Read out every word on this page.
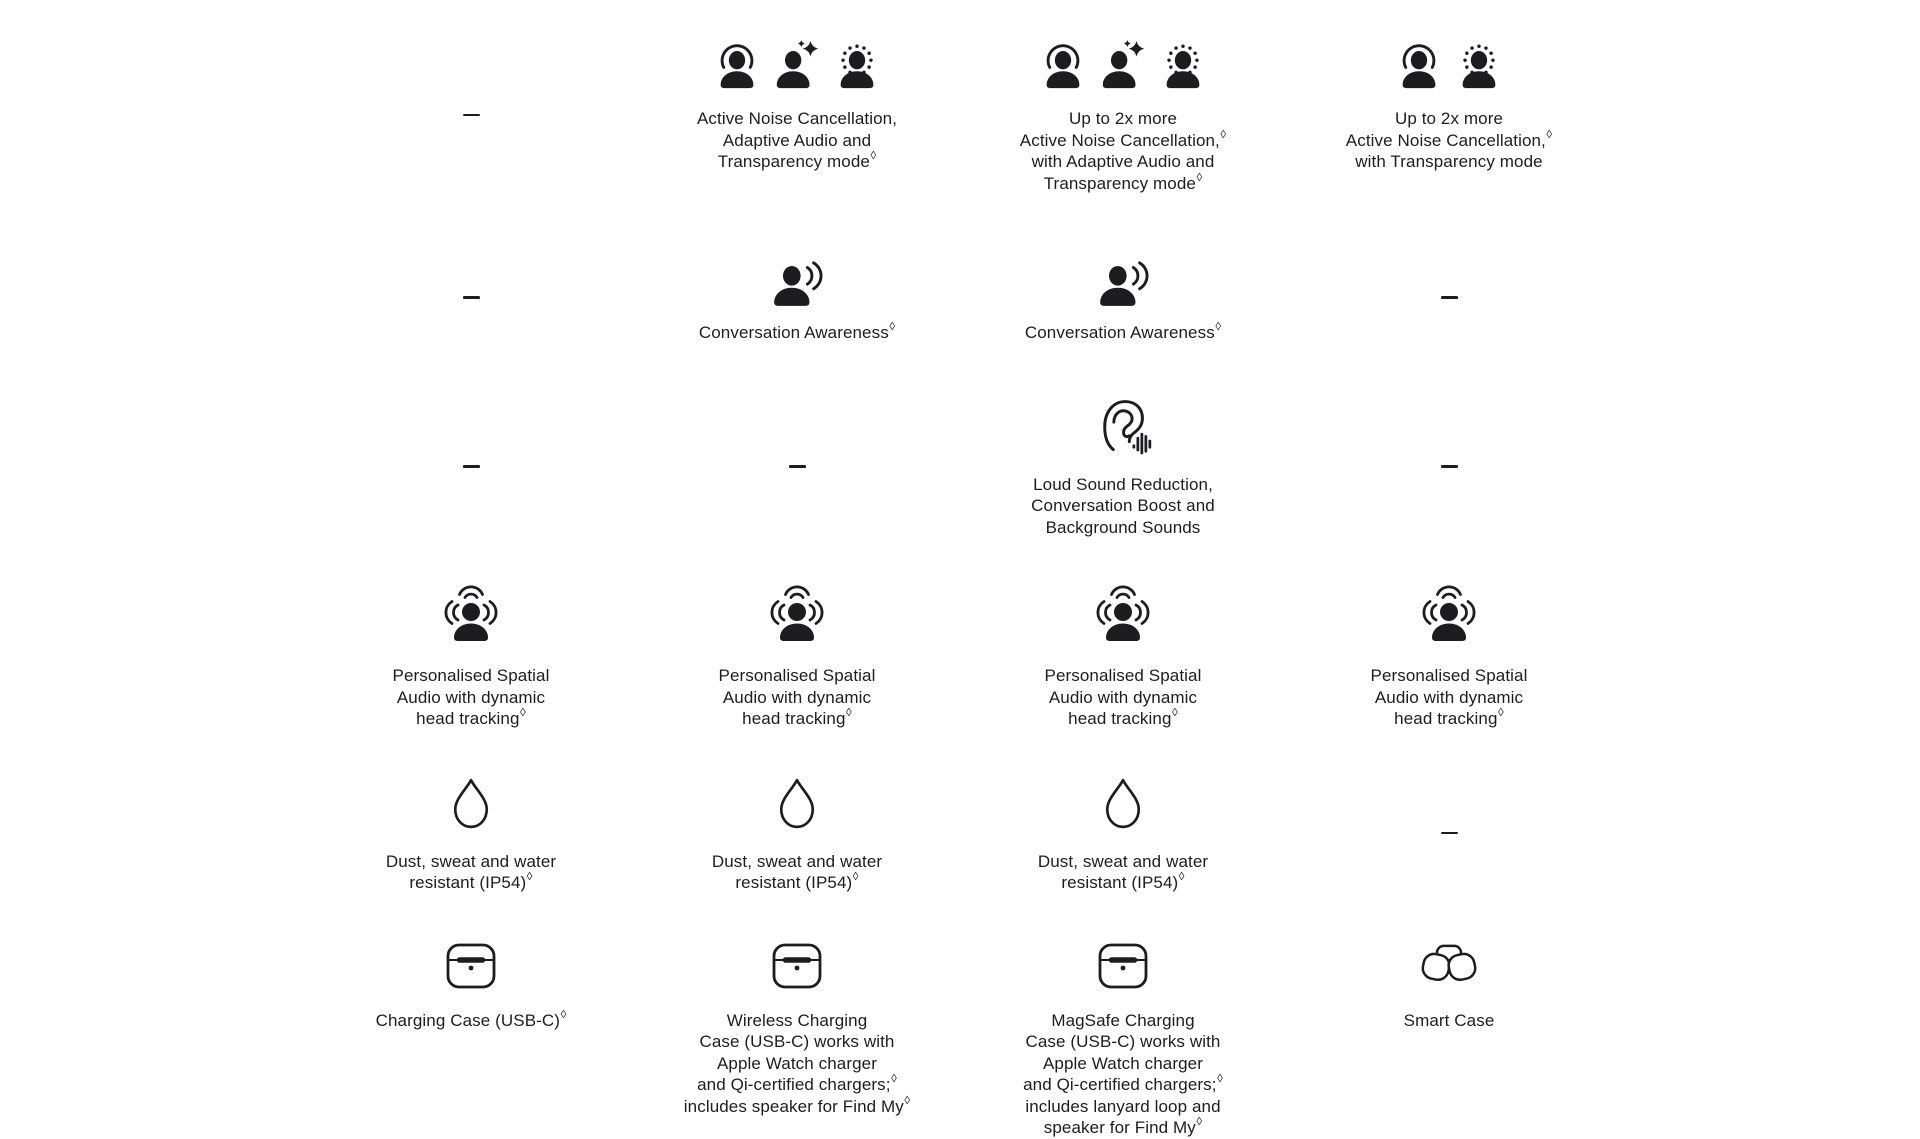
Active Noise Cancellation,
Adaptive Audio and
Transparency mode◊
Up to 2x more
Active Noise Cancellation,◊
with Adaptive Audio and
Transparency mode◊
Up to 2x more
Active Noise Cancellation,◊
with Transparency mode
Conversation Awareness◊	Conversation Awareness◊
Loud Sound Reduction,
Conversation Boost and
Background Sounds
Personalised Spatial
Audio with dynamic
head tracking◊
Personalised Spatial
Audio with dynamic
head tracking◊
Personalised Spatial
Audio with dynamic
head tracking◊
Personalised Spatial
Audio with dynamic
head tracking◊
Dust, sweat and water
resistant (IP54)◊
Dust, sweat and water
resistant (IP54)◊
Dust, sweat and water
resistant (IP54)◊
Charging Case (USB-C)◊	Wireless Charging
Case (USB-C) works with
Apple Watch charger
and Qi-certified chargers;◊
includes speaker for Find My◊
MagSafe Charging
Case (USB-C) works with
Apple Watch charger
and Qi-certified chargers;◊
includes lanyard loop and
speaker for Find My◊
Smart Case
